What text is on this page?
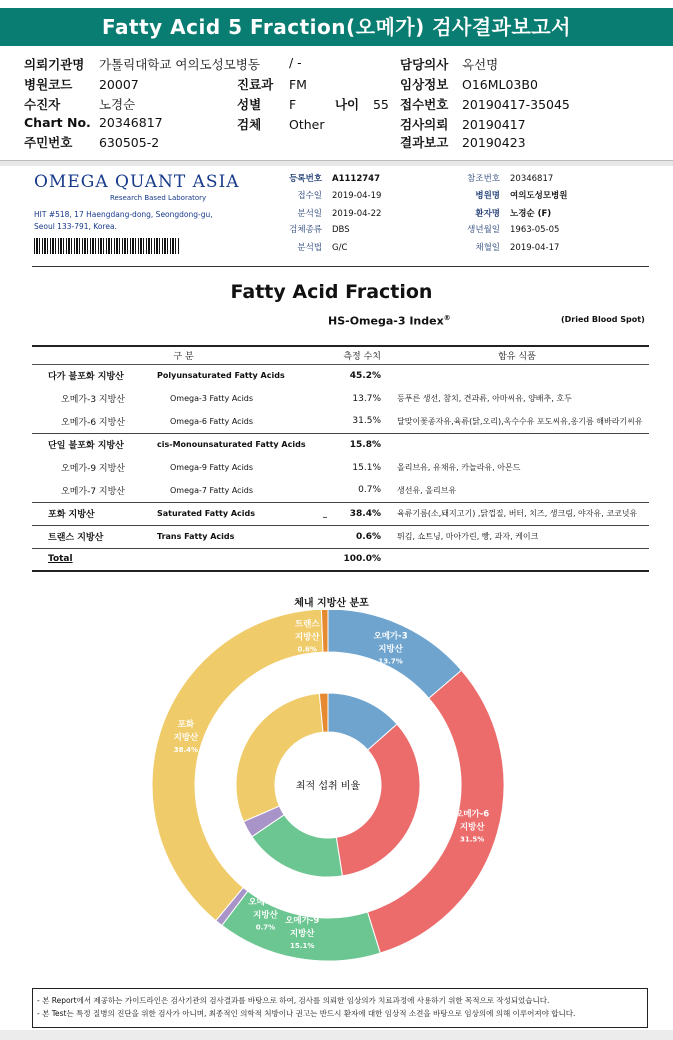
Fatty Acid 5 Fraction(오메가) 검사결과보고서
의뢰기관명 가톨릭대학교 여의도성모병동 / -
병원코드 20007
수진자	노경순
Chart No. 20346817
주민번호 630505-2
진료과 FM
성별 F	나이 55
검체 Other
담당의사 옥선명
임상정보 O16ML03B0
접수번호 20190417-35045
검사의뢰 20190417
결과보고 20190423
OMEGA QUANT ASIA
Research Based Laboratory
HIT #518, 17 Haengdang-dong, Seongdong-gu,
Seoul 133-791, Korea.
등록번호 A1112747
접수일 2019-04-19
분석일 2019-04-22
검체종류 DBS
분석법 G/C
참조번호 20346817
병원명 여의도성모병원
환자명 노경순 (F)
생년월일 1963-05-05
채혈일 2019-04-17
Fatty Acid Fraction
HS-Omega-3 Index®	(Dried Blood Spot)
구 분		측정 수치	함유 식품
다가 불포화 지방산	Polyunsaturated Fatty Acids	45.2%	
오메가-3 지방산	Omega-3 Fatty Acids	13.7%	등푸른 생선, 참치, 견과류, 아마씨유, 양배추, 호두
오메가-6 지방산	Omega-6 Fatty Acids	31.5%	달맞이꽃종자유,육류(닭,오리),옥수수유 포도씨유,옹기름 해바라기씨유
단일 불포화 지방산	cis-Monounsaturated Fatty Acids	15.8%	
오메가-9 지방산	Omega-9 Fatty Acids	15.1%	올리브유, 유채유, 카놀라유, 아몬드
오메가-7 지방산	Omega-7 Fatty Acids	0.7%	생선유, 올리브유
포화 지방산	Saturated Fatty Acids _	38.4%	육류기름(소,돼지고기) ,닭껍질, 버터, 치즈, 생크림, 야자유, 코코넛유
트랜스 지방산	Trans Fatty Acids	0.6%	튀김, 쇼트닝, 마아가린, 빵, 과자, 케이크
Total		100.0%	
체내 지방산 분포
최적 섭취 비율
오메가-3
지방산
13.7%
오메가-6
지방산
31.5%
오메가-9
지방산
15.1%
오메가-7
지방산
0.7%
포화
지방산
38.4%
트랜스
지방산
0.6%
- 본 Report에서 제공하는 가이드라인은 검사기관의 검사결과를 바탕으로 하여, 검사를 의뢰한 임상의가 치료과정에 사용하기 위한 목적으로 작성되었습니다.
- 본 Test는 특정 질병의 진단을 위한 검사가 아니며, 최종적인 의학적 처방이나 권고는 반드시 환자에 대한 임상적 소견을 바탕으로 임상의에 의해 이루어져야 합니다.
